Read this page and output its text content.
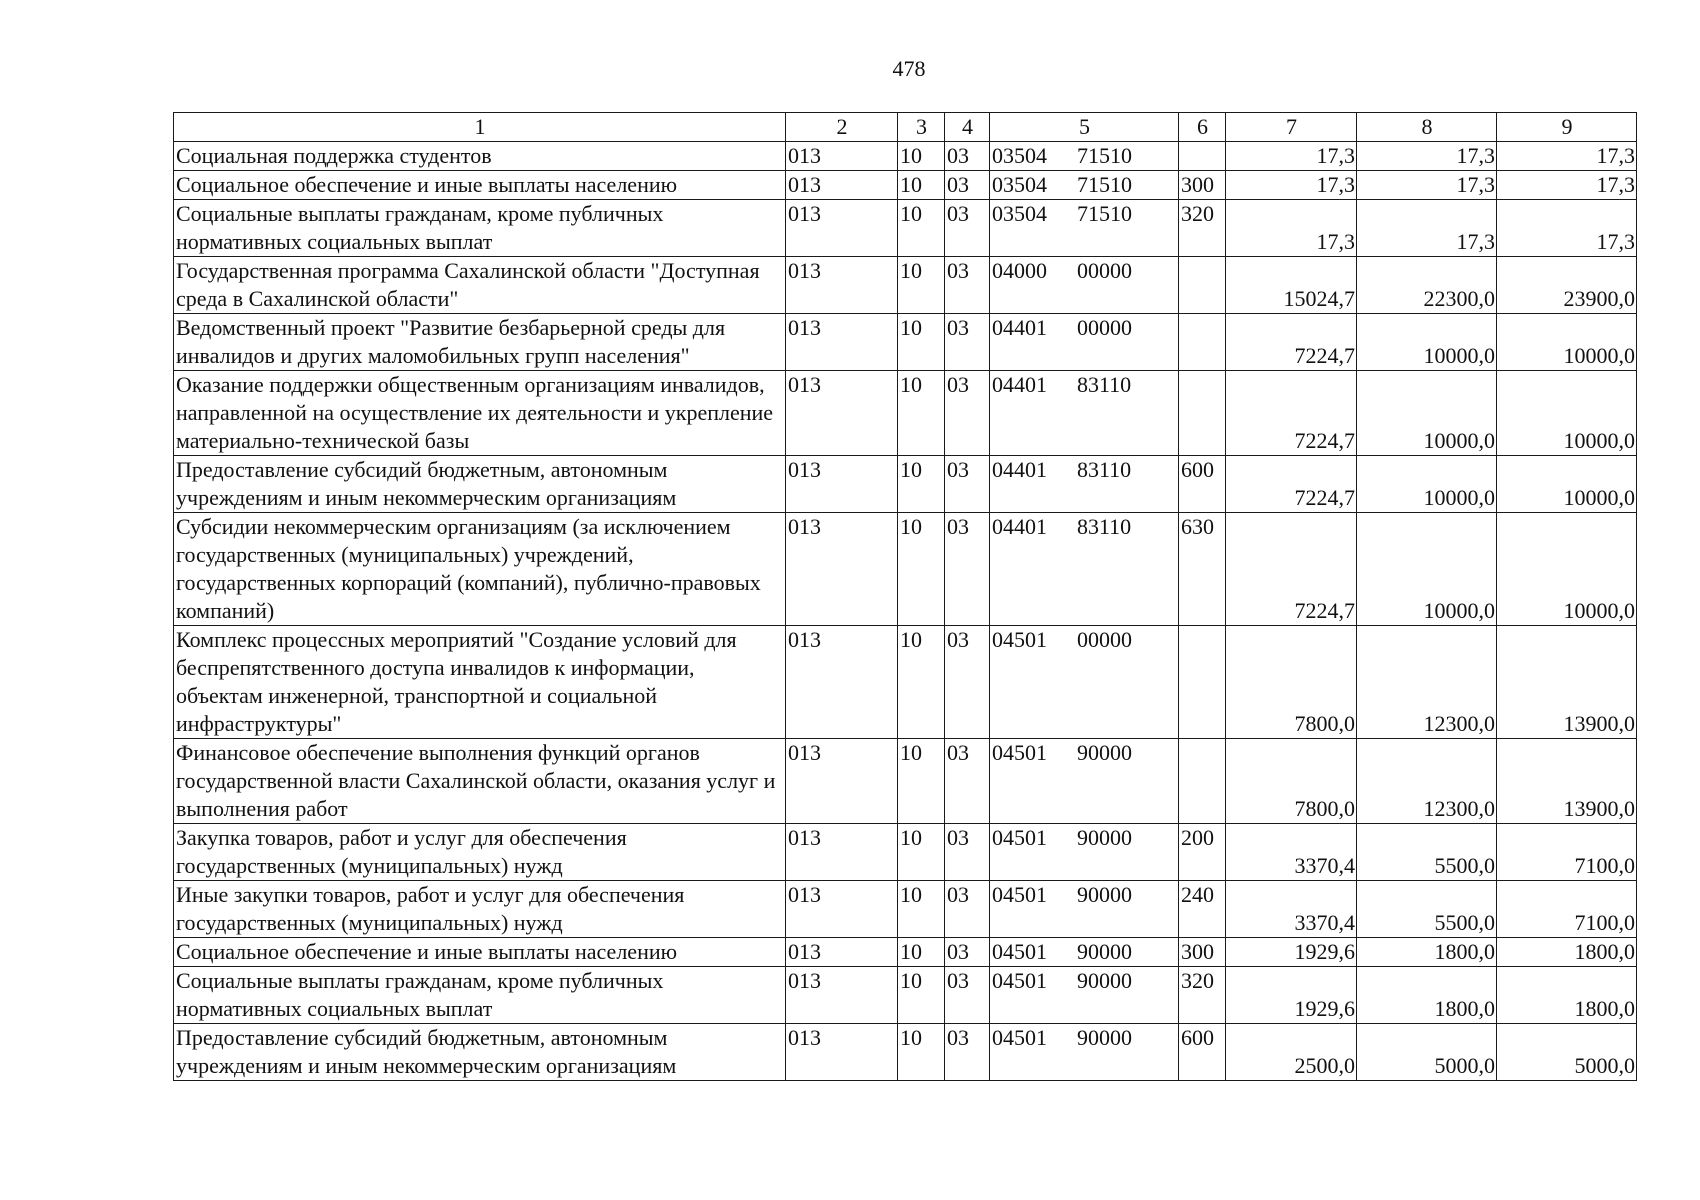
478
1	2	3	4	5	6	7	8	9
Социальная поддержка студентов	013	10	03	03504 71510		17,3	17,3	17,3
Социальное обеспечение и иные выплаты населению	013	10	03	03504 71510	300	17,3	17,3	17,3
Социальные выплаты гражданам, кроме публичных нормативных социальных выплат	013	10	03	03504 71510	320	17,3	17,3	17,3
Государственная программа Сахалинской области "Доступная среда в Сахалинской области"	013	10	03	04000 00000		15024,7	22300,0	23900,0
Ведомственный проект "Развитие безбарьерной среды для инвалидов и других маломобильных групп населения"	013	10	03	04401 00000		7224,7	10000,0	10000,0
Оказание поддержки общественным организациям инвалидов, направленной на осуществление их деятельности и укрепление материально-технической базы	013	10	03	04401 83110		7224,7	10000,0	10000,0
Предоставление субсидий бюджетным, автономным учреждениям и иным некоммерческим организациям	013	10	03	04401 83110	600	7224,7	10000,0	10000,0
Субсидии некоммерческим организациям (за исключением государственных (муниципальных) учреждений, государственных корпораций (компаний), публично-правовых компаний)	013	10	03	04401 83110	630	7224,7	10000,0	10000,0
Комплекс процессных мероприятий "Создание условий для беспрепятственного доступа инвалидов к информации, объектам инженерной, транспортной и социальной инфраструктуры"	013	10	03	04501 00000		7800,0	12300,0	13900,0
Финансовое обеспечение выполнения функций органов государственной власти Сахалинской области, оказания услуг и выполнения работ	013	10	03	04501 90000		7800,0	12300,0	13900,0
Закупка товаров, работ и услуг для обеспечения государственных (муниципальных) нужд	013	10	03	04501 90000	200	3370,4	5500,0	7100,0
Иные закупки товаров, работ и услуг для обеспечения государственных (муниципальных) нужд	013	10	03	04501 90000	240	3370,4	5500,0	7100,0
Социальное обеспечение и иные выплаты населению	013	10	03	04501 90000	300	1929,6	1800,0	1800,0
Социальные выплаты гражданам, кроме публичных нормативных социальных выплат	013	10	03	04501 90000	320	1929,6	1800,0	1800,0
Предоставление субсидий бюджетным, автономным учреждениям и иным некоммерческим организациям	013	10	03	04501 90000	600	2500,0	5000,0	5000,0
